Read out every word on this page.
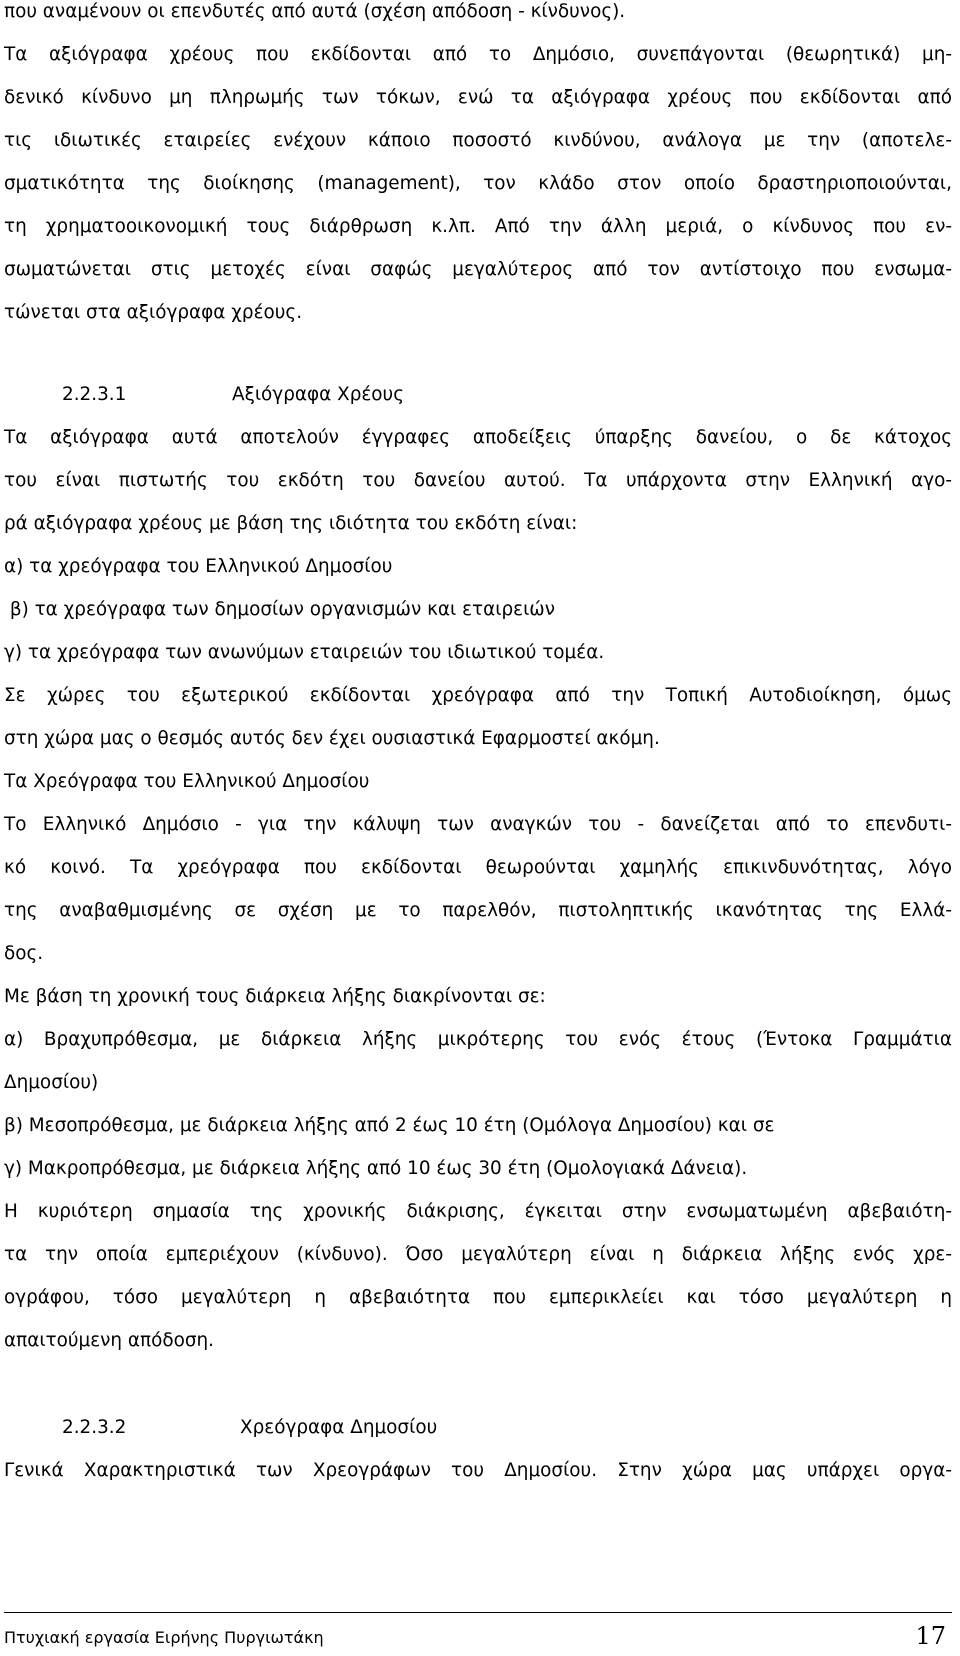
που αναμένουν οι επενδυτές από αυτά (σχέση απόδοση - κίνδυνος).
Τα αξιόγραφα χρέους που εκδίδονται από το Δημόσιο, συνεπάγονται (θεωρητικά) μη-
δενικό κίνδυνο μη πληρωμής των τόκων, ενώ τα αξιόγραφα χρέους που εκδίδονται από
τις ιδιωτικές εταιρείες ενέχουν κάποιο ποσοστό κινδύνου, ανάλογα με την (αποτελε-
σματικότητα της διοίκησης (management), τον κλάδο στον οποίο δραστηριοποιούνται,
τη χρηματοοικονομική τους διάρθρωση κ.λπ. Από την άλλη μεριά, ο κίνδυνος που εν-
σωματώνεται στις μετοχές είναι σαφώς μεγαλύτερος από τον αντίστοιχο που ενσωμα-
τώνεται στα αξιόγραφα χρέους.
2.2.3.1	Αξιόγραφα Χρέους
Τα αξιόγραφα αυτά αποτελούν έγγραφες αποδείξεις ύπαρξης δανείου, ο δε κάτοχος
του είναι πιστωτής του εκδότη του δανείου αυτού. Τα υπάρχοντα στην Ελληνική αγο-
ρά αξιόγραφα χρέους με βάση της ιδιότητα του εκδότη είναι:
α) τα χρεόγραφα του Ελληνικού Δημοσίου
β) τα χρεόγραφα των δημοσίων οργανισμών και εταιρειών
γ) τα χρεόγραφα των ανωνύμων εταιρειών του ιδιωτικού τομέα.
Σε χώρες του εξωτερικού εκδίδονται χρεόγραφα από την Τοπική Αυτοδιοίκηση, όμως
στη χώρα μας ο θεσμός αυτός δεν έχει ουσιαστικά Εφαρμοστεί ακόμη.
Τα Χρεόγραφα του Ελληνικού Δημοσίου
Το Ελληνικό Δημόσιο - για την κάλυψη των αναγκών του - δανείζεται από το επενδυτι-
κό κοινό. Τα χρεόγραφα που εκδίδονται θεωρούνται χαμηλής επικινδυνότητας, λόγο
της αναβαθμισμένης σε σχέση με το παρελθόν, πιστοληπτικής ικανότητας της Ελλά-
δος.
Με βάση τη χρονική τους διάρκεια λήξης διακρίνονται σε:
α) Βραχυπρόθεσμα, με διάρκεια λήξης μικρότερης του ενός έτους (Έντοκα Γραμμάτια
Δημοσίου)
β) Μεσοπρόθεσμα, με διάρκεια λήξης από 2 έως 10 έτη (Ομόλογα Δημοσίου) και σε
γ) Μακροπρόθεσμα, με διάρκεια λήξης από 10 έως 30 έτη (Ομολογιακά Δάνεια).
Η κυριότερη σημασία της χρονικής διάκρισης, έγκειται στην ενσωματωμένη αβεβαιότη-
τα την οποία εμπεριέχουν (κίνδυνο). Όσο μεγαλύτερη είναι η διάρκεια λήξης ενός χρε-
ογράφου, τόσο μεγαλύτερη η αβεβαιότητα που εμπερικλείει και τόσο μεγαλύτερη η
απαιτούμενη απόδοση.
2.2.3.2	Χρεόγραφα Δημοσίου
Γενικά Χαρακτηριστικά των Χρεογράφων του Δημοσίου. Στην χώρα μας υπάρχει οργα-
Πτυχιακή εργασία Ειρήνης Πυργιωτάκη	17
